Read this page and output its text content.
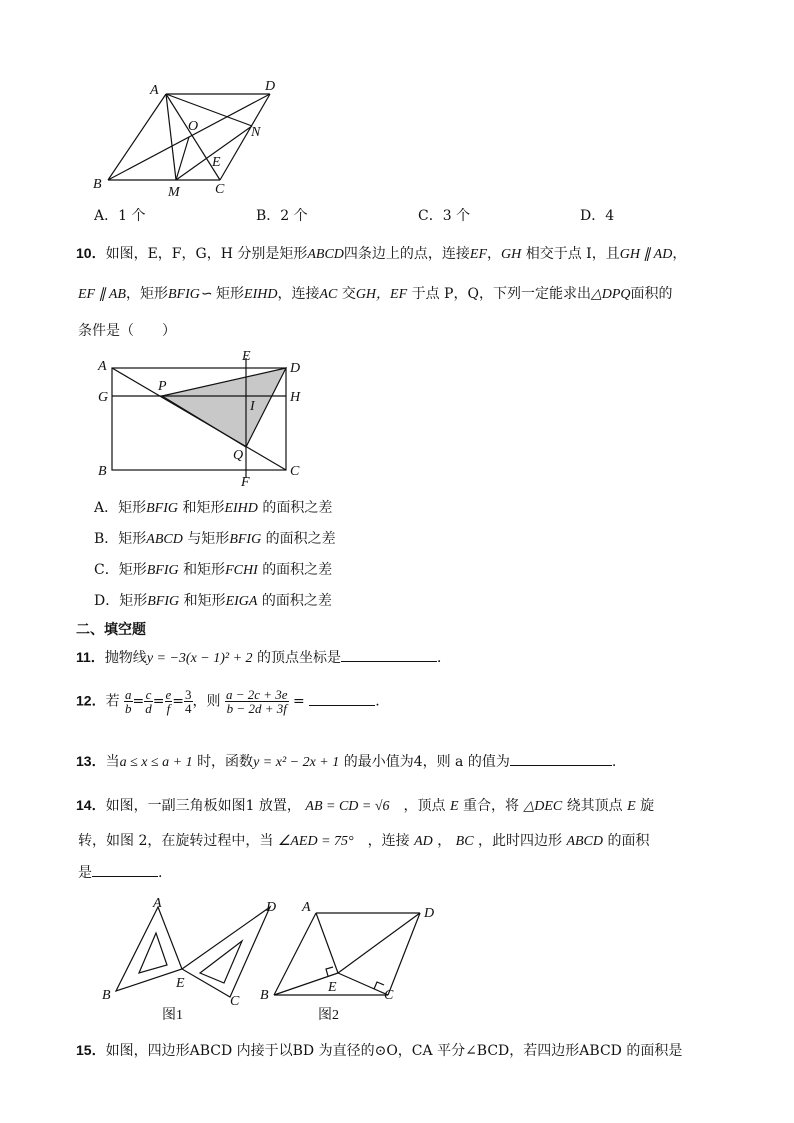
A	D
O	N
E
B
M	C
A．1 个	B．2 个	C．3 个	D．4
10．如图，E，F，G，H 分别是矩形ABCD四条边上的点，连接EF，GH 相交于点 I，且GH ∥ AD，
EF ∥ AB，矩形BFIG∽ 矩形EIHD，连接AC 交GH，EF 于点 P，Q，下列一定能求出△DPQ面积的
条件是（　　）
A
E
D
P
G
I
H
Q
B
F
C
A．矩形BFIG 和矩形EIHD 的面积之差
B．矩形ABCD 与矩形BFIG 的面积之差
C．矩形BFIG 和矩形FCHI 的面积之差
D．矩形BFIG 和矩形EIGA 的面积之差
二、填空题
11．抛物线y = −3(x − 1)² + 2 的顶点坐标是	．
12．若 $\frac{a}{b} = \frac{c}{d} = \frac{e}{f} = \frac{3}{4}$ ，则 $\frac{a - 2c + 3e}{b - 2d + 3f}$ =	.
13．当a ≤ x ≤ a + 1 时，函数y = x² − 2x + 1 的最小值为4，则 a 的值为	.
14．如图，一副三角板如图1 放置， AB = CD = √6　 ，顶点 E 重合，将 △DEC 绕其顶点 E 旋
转，如图 2，在旋转过程中，当 ∠AED = 75°　 ，连接 AD ， BC ，此时四边形 ABCD 的面积
是	.
A
B
E
D
C
图1
A	D
B
E
C
图2
15．如图，四边形ABCD 内接于以BD 为直径的⊙O，CA 平分∠BCD，若四边形ABCD 的面积是
